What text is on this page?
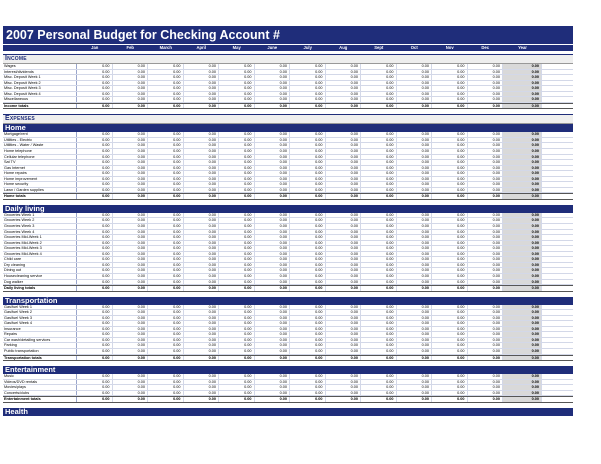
2007 Personal Budget for Checking Account #
Jan	Feb	March	April	May	June	July	Aug	Sept	Oct	Nov	Dec	Year
Income
Wages	0.00	0.00	0.00	0.00	0.00	0.00	0.00	0.00	0.00	0.00	0.00	0.00	0.00
Interest/dividends	0.00	0.00	0.00	0.00	0.00	0.00	0.00	0.00	0.00	0.00	0.00	0.00	0.00
Misc. Deposit Week 1	0.00	0.00	0.00	0.00	0.00	0.00	0.00	0.00	0.00	0.00	0.00	0.00	0.00
Misc. Deposit Week 2	0.00	0.00	0.00	0.00	0.00	0.00	0.00	0.00	0.00	0.00	0.00	0.00	0.00
Misc. Deposit Week 3	0.00	0.00	0.00	0.00	0.00	0.00	0.00	0.00	0.00	0.00	0.00	0.00	0.00
Misc. Deposit Week 4	0.00	0.00	0.00	0.00	0.00	0.00	0.00	0.00	0.00	0.00	0.00	0.00	0.00
Miscellaneous	0.00	0.00	0.00	0.00	0.00	0.00	0.00	0.00	0.00	0.00	0.00	0.00	0.00
Income totals	0.00	0.00	0.00	0.00	0.00	0.00	0.00	0.00	0.00	0.00	0.00	0.00	0.00
Expenses
Home
Mortgage/rent	0.00	0.00	0.00	0.00	0.00	0.00	0.00	0.00	0.00	0.00	0.00	0.00	0.00
Utilities - Electric	0.00	0.00	0.00	0.00	0.00	0.00	0.00	0.00	0.00	0.00	0.00	0.00	0.00
Utilities - Water / Waste	0.00	0.00	0.00	0.00	0.00	0.00	0.00	0.00	0.00	0.00	0.00	0.00	0.00
Home telephone	0.00	0.00	0.00	0.00	0.00	0.00	0.00	0.00	0.00	0.00	0.00	0.00	0.00
Cellular telephone	0.00	0.00	0.00	0.00	0.00	0.00	0.00	0.00	0.00	0.00	0.00	0.00	0.00
Sat TV	0.00	0.00	0.00	0.00	0.00	0.00	0.00	0.00	0.00	0.00	0.00	0.00	0.00
Gas Internet	0.00	0.00	0.00	0.00	0.00	0.00	0.00	0.00	0.00	0.00	0.00	0.00	0.00
Home repairs	0.00	0.00	0.00	0.00	0.00	0.00	0.00	0.00	0.00	0.00	0.00	0.00	0.00
Home improvement	0.00	0.00	0.00	0.00	0.00	0.00	0.00	0.00	0.00	0.00	0.00	0.00	0.00
Home security	0.00	0.00	0.00	0.00	0.00	0.00	0.00	0.00	0.00	0.00	0.00	0.00	0.00
Lawn / Garden supplies	0.00	0.00	0.00	0.00	0.00	0.00	0.00	0.00	0.00	0.00	0.00	0.00	0.00
Home totals	0.00	0.00	0.00	0.00	0.00	0.00	0.00	0.00	0.00	0.00	0.00	0.00	0.00
Daily living
Groceries Week 1	0.00	0.00	0.00	0.00	0.00	0.00	0.00	0.00	0.00	0.00	0.00	0.00	0.00
Groceries Week 2	0.00	0.00	0.00	0.00	0.00	0.00	0.00	0.00	0.00	0.00	0.00	0.00	0.00
Groceries Week 3	0.00	0.00	0.00	0.00	0.00	0.00	0.00	0.00	0.00	0.00	0.00	0.00	0.00
Groceries Week 4	0.00	0.00	0.00	0.00	0.00	0.00	0.00	0.00	0.00	0.00	0.00	0.00	0.00
Groceries Mid-Week 1	0.00	0.00	0.00	0.00	0.00	0.00	0.00	0.00	0.00	0.00	0.00	0.00	0.00
Groceries Mid-Week 2	0.00	0.00	0.00	0.00	0.00	0.00	0.00	0.00	0.00	0.00	0.00	0.00	0.00
Groceries Mid-Week 3	0.00	0.00	0.00	0.00	0.00	0.00	0.00	0.00	0.00	0.00	0.00	0.00	0.00
Groceries Mid-Week 4	0.00	0.00	0.00	0.00	0.00	0.00	0.00	0.00	0.00	0.00	0.00	0.00	0.00
Child care	0.00	0.00	0.00	0.00	0.00	0.00	0.00	0.00	0.00	0.00	0.00	0.00	0.00
Dry cleaning	0.00	0.00	0.00	0.00	0.00	0.00	0.00	0.00	0.00	0.00	0.00	0.00	0.00
Dining out	0.00	0.00	0.00	0.00	0.00	0.00	0.00	0.00	0.00	0.00	0.00	0.00	0.00
Housecleaning service	0.00	0.00	0.00	0.00	0.00	0.00	0.00	0.00	0.00	0.00	0.00	0.00	0.00
Dog walker	0.00	0.00	0.00	0.00	0.00	0.00	0.00	0.00	0.00	0.00	0.00	0.00	0.00
Daily living totals	0.00	0.00	0.00	0.00	0.00	0.00	0.00	0.00	0.00	0.00	0.00	0.00	0.00
Transportation
Gas/fuel Week 1	0.00	0.00	0.00	0.00	0.00	0.00	0.00	0.00	0.00	0.00	0.00	0.00	0.00
Gas/fuel Week 2	0.00	0.00	0.00	0.00	0.00	0.00	0.00	0.00	0.00	0.00	0.00	0.00	0.00
Gas/fuel Week 3	0.00	0.00	0.00	0.00	0.00	0.00	0.00	0.00	0.00	0.00	0.00	0.00	0.00
Gas/fuel Week 4	0.00	0.00	0.00	0.00	0.00	0.00	0.00	0.00	0.00	0.00	0.00	0.00	0.00
Insurance	0.00	0.00	0.00	0.00	0.00	0.00	0.00	0.00	0.00	0.00	0.00	0.00	0.00
Repairs	0.00	0.00	0.00	0.00	0.00	0.00	0.00	0.00	0.00	0.00	0.00	0.00	0.00
Car wash/detailing services	0.00	0.00	0.00	0.00	0.00	0.00	0.00	0.00	0.00	0.00	0.00	0.00	0.00
Parking	0.00	0.00	0.00	0.00	0.00	0.00	0.00	0.00	0.00	0.00	0.00	0.00	0.00
Public transportation	0.00	0.00	0.00	0.00	0.00	0.00	0.00	0.00	0.00	0.00	0.00	0.00	0.00
Transportation totals	0.00	0.00	0.00	0.00	0.00	0.00	0.00	0.00	0.00	0.00	0.00	0.00	0.00
Entertainment
Music	0.00	0.00	0.00	0.00	0.00	0.00	0.00	0.00	0.00	0.00	0.00	0.00	0.00
Videos/DVD rentals	0.00	0.00	0.00	0.00	0.00	0.00	0.00	0.00	0.00	0.00	0.00	0.00	0.00
Movies/plays	0.00	0.00	0.00	0.00	0.00	0.00	0.00	0.00	0.00	0.00	0.00	0.00	0.00
Concerts/clubs	0.00	0.00	0.00	0.00	0.00	0.00	0.00	0.00	0.00	0.00	0.00	0.00	0.00
Entertainment totals	0.00	0.00	0.00	0.00	0.00	0.00	0.00	0.00	0.00	0.00	0.00	0.00	0.00
Health
